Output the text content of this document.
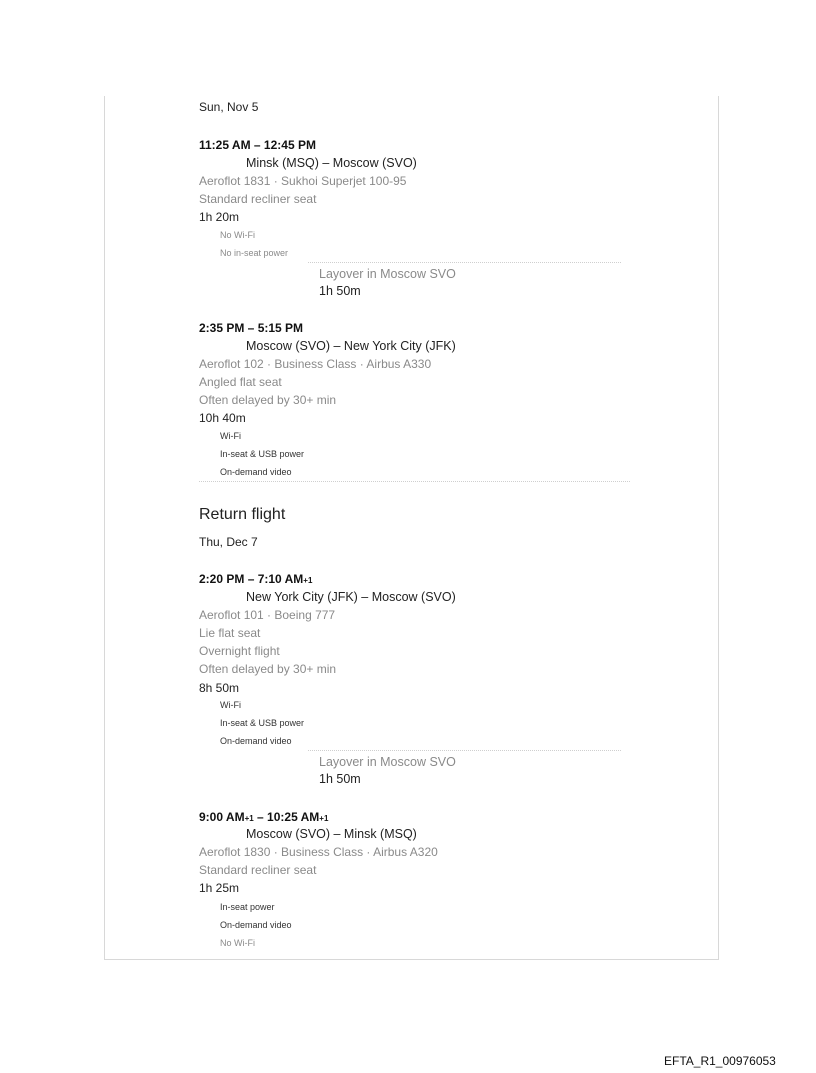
Sun, Nov 5
11:25 AM – 12:45 PM
Minsk (MSQ) – Moscow (SVO)
Aeroflot 1831 · Sukhoi Superjet 100-95
Standard recliner seat
1h 20m
No Wi-Fi
No in-seat power
Layover in Moscow SVO
1h 50m
2:35 PM – 5:15 PM
Moscow (SVO) – New York City (JFK)
Aeroflot 102 · Business Class · Airbus A330
Angled flat seat
Often delayed by 30+ min
10h 40m
Wi-Fi
In-seat & USB power
On-demand video
Return flight
Thu, Dec 7
2:20 PM – 7:10 AM+1
New York City (JFK) – Moscow (SVO)
Aeroflot 101 · Boeing 777
Lie flat seat
Overnight flight
Often delayed by 30+ min
8h 50m
Wi-Fi
In-seat & USB power
On-demand video
Layover in Moscow SVO
1h 50m
9:00 AM+1 – 10:25 AM+1
Moscow (SVO) – Minsk (MSQ)
Aeroflot 1830 · Business Class · Airbus A320
Standard recliner seat
1h 25m
In-seat power
On-demand video
No Wi-Fi
EFTA_R1_00976053
